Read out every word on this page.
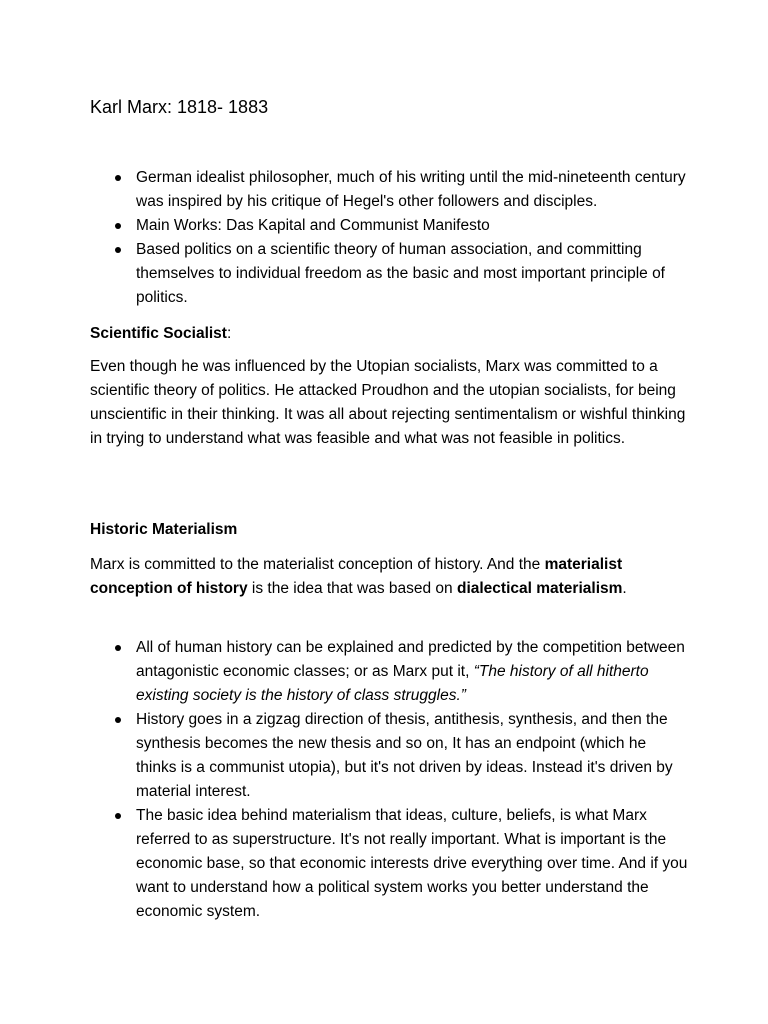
Karl Marx: 1818- 1883
German idealist philosopher, much of his writing until the mid-nineteenth century was inspired by his critique of Hegel's other followers and disciples.
Main Works: Das Kapital and Communist Manifesto
Based politics on a scientific theory of human association, and committing themselves to individual freedom as the basic and most important principle of politics.

Scientific Socialist:

Even though he was influenced by the Utopian socialists, Marx was committed to a scientific theory of politics. He attacked Proudhon and the utopian socialists, for being unscientific in their thinking. It was all about rejecting sentimentalism or wishful thinking in trying to understand what was feasible and what was not feasible in politics.

Historic Materialism

Marx is committed to the materialist conception of history. And the materialist conception of history is the idea that was based on dialectical materialism.

All of human history can be explained and predicted by the competition between antagonistic economic classes; or as Marx put it, “The history of all hitherto existing society is the history of class struggles.”
History goes in a zigzag direction of thesis, antithesis, synthesis, and then the synthesis becomes the new thesis and so on, It has an endpoint (which he thinks is a communist utopia), but it's not driven by ideas. Instead it's driven by material interest.
The basic idea behind materialism that ideas, culture, beliefs, is what Marx referred to as superstructure. It's not really important. What is important is the economic base, so that economic interests drive everything over time. And if you want to understand how a political system works you better understand the economic system.
